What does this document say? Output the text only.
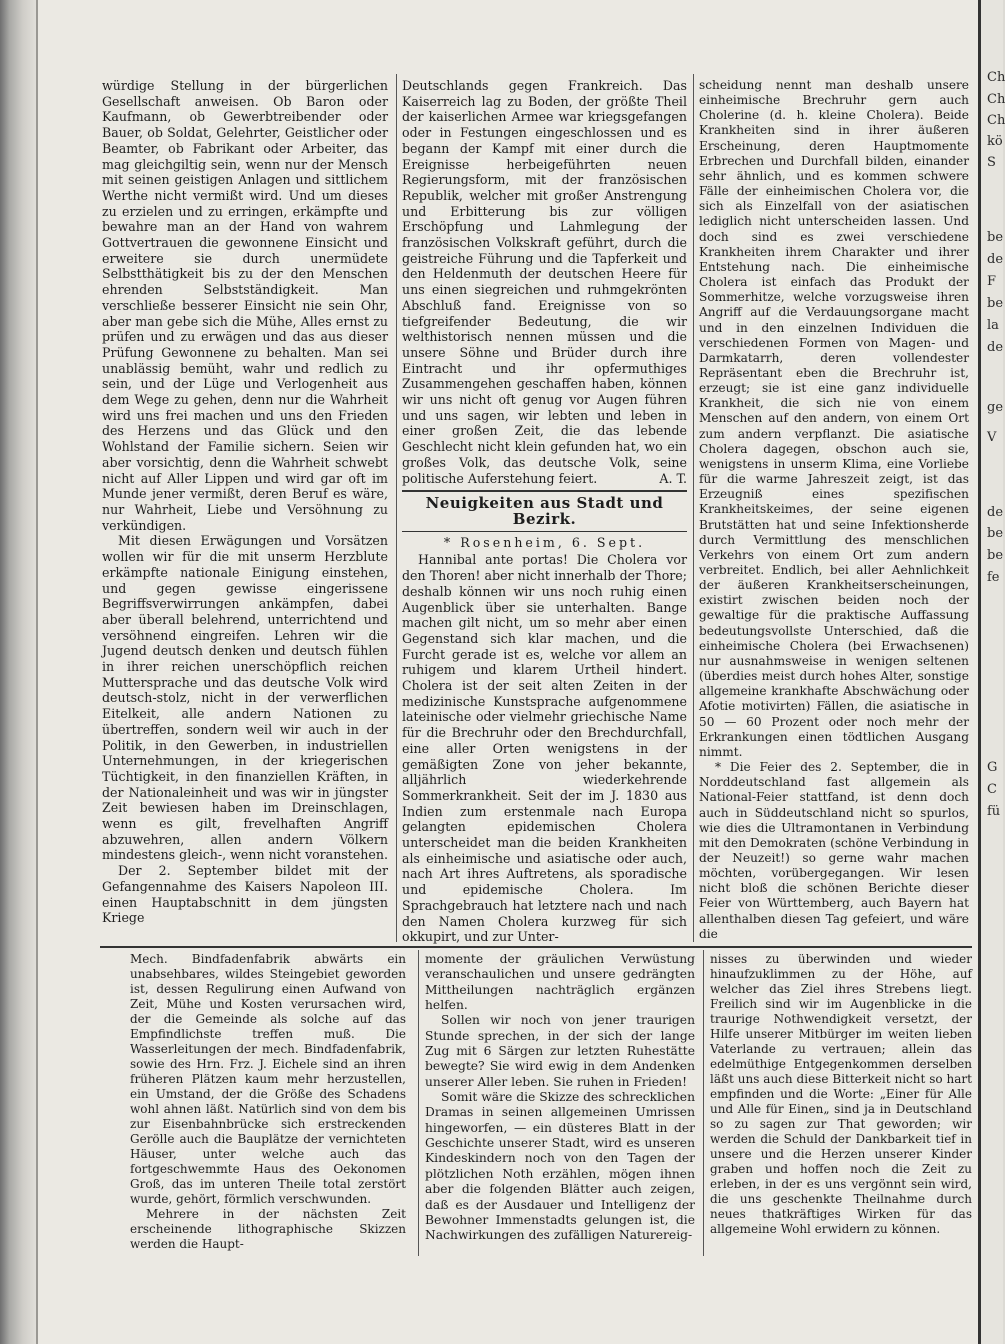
würdige Stellung in der bürgerlichen Gesellschaft anweisen. Ob Baron oder Kaufmann, ob Gewerbtreibender oder Bauer, ob Soldat, Gelehrter, Geistlicher oder Beamter, ob Fabrikant oder Arbeiter, das mag gleichgiltig sein, wenn nur der Mensch mit seinen geistigen Anlagen und sittlichem Werthe nicht vermißt wird. Und um dieses zu erzielen und zu erringen, erkämpfte und bewahre man an der Hand von wahrem Gottvertrauen die gewonnene Einsicht und erweitere sie durch unermüdete Selbstthätigkeit bis zu der den Menschen ehrenden Selbstständigkeit. Man verschließe besserer Einsicht nie sein Ohr, aber man gebe sich die Mühe, Alles ernst zu prüfen und zu erwägen und das aus dieser Prüfung Gewonnene zu behalten. Man sei unablässig bemüht, wahr und redlich zu sein, und der Lüge und Verlogenheit aus dem Wege zu gehen, denn nur die Wahrheit wird uns frei machen und uns den Frieden des Herzens und das Glück und den Wohlstand der Familie sichern. Seien wir aber vorsichtig, denn die Wahrheit schwebt nicht auf Aller Lippen und wird gar oft im Munde jener vermißt, deren Beruf es wäre, nur Wahrheit, Liebe und Versöhnung zu verkündigen.

Mit diesen Erwägungen und Vorsätzen wollen wir für die mit unserm Herzblute erkämpfte nationale Einigung einstehen, und gegen gewisse eingerissene Begriffsverwirrungen ankämpfen, dabei aber überall belehrend, unterrichtend und versöhnend eingreifen. Lehren wir die Jugend deutsch denken und deutsch fühlen in ihrer reichen unerschöpflich reichen Muttersprache und das deutsche Volk wird deutsch-stolz, nicht in der verwerflichen Eitelkeit, alle andern Nationen zu übertreffen, sondern weil wir auch in der Politik, in den Gewerben, in industriellen Unternehmungen, in der kriegerischen Tüchtigkeit, in den finanziellen Kräften, in der Nationaleinheit und was wir in jüngster Zeit bewiesen haben im Dreinschlagen, wenn es gilt, frevelhaften Angriff abzuwehren, allen andern Völkern mindestens gleich-, wenn nicht voranstehen.

Der 2. September bildet mit der Gefangennahme des Kaisers Napoleon III. einen Hauptabschnitt in dem jüngsten Kriege

Deutschlands gegen Frankreich. Das Kaiserreich lag zu Boden, der größte Theil der kaiserlichen Armee war kriegsgefangen oder in Festungen eingeschlossen und es begann der Kampf mit einer durch die Ereignisse herbeigeführten neuen Regierungsform, mit der französischen Republik, welcher mit großer Anstrengung und Erbitterung bis zur völligen Erschöpfung und Lahmlegung der französischen Volkskraft geführt, durch die geistreiche Führung und die Tapferkeit und den Heldenmuth der deutschen Heere für uns einen siegreichen und ruhmgekrönten Abschluß fand. Ereignisse von so tiefgreifender Bedeutung, die wir welthistorisch nennen müssen und die unsere Söhne und Brüder durch ihre Eintracht und ihr opfermuthiges Zusammengehen geschaffen haben, können wir uns nicht oft genug vor Augen führen und uns sagen, wir lebten und leben in einer großen Zeit, die das lebende Geschlecht nicht klein gefunden hat, wo ein großes Volk, das deutsche Volk, seine politische Auferstehung feiert.	A. T.

Neuigkeiten aus Stadt und Bezirk.
* Rosenheim, 6. Sept.

Hannibal ante portas! Die Cholera vor den Thoren! aber nicht innerhalb der Thore; deshalb können wir uns noch ruhig einen Augenblick über sie unterhalten. Bange machen gilt nicht, um so mehr aber einen Gegenstand sich klar machen, und die Furcht gerade ist es, welche vor allem an ruhigem und klarem Urtheil hindert. Cholera ist der seit alten Zeiten in der medizinische Kunstsprache aufgenommene lateinische oder vielmehr griechische Name für die Brechruhr oder den Brechdurchfall, eine aller Orten wenigstens in der gemäßigten Zone von jeher bekannte, alljährlich wiederkehrende Sommerkrankheit. Seit der im J. 1830 aus Indien zum erstenmale nach Europa gelangten epidemischen Cholera unterscheidet man die beiden Krankheiten als einheimische und asiatische oder auch, nach Art ihres Auftretens, als sporadische und epidemische Cholera. Im Sprachgebrauch hat letztere nach und nach den Namen Cholera kurzweg für sich okkupirt, und zur Unter-

scheidung nennt man deshalb unsere einheimische Brechruhr gern auch Cholerine (d. h. kleine Cholera). Beide Krankheiten sind in ihrer äußeren Erscheinung, deren Hauptmomente Erbrechen und Durchfall bilden, einander sehr ähnlich, und es kommen schwere Fälle der einheimischen Cholera vor, die sich als Einzelfall von der asiatischen lediglich nicht unterscheiden lassen. Und doch sind es zwei verschiedene Krankheiten ihrem Charakter und ihrer Entstehung nach. Die einheimische Cholera ist einfach das Produkt der Sommerhitze, welche vorzugsweise ihren Angriff auf die Verdauungsorgane macht und in den einzelnen Individuen die verschiedenen Formen von Magen- und Darmkatarrh, deren vollendester Repräsentant eben die Brechruhr ist, erzeugt; sie ist eine ganz individuelle Krankheit, die sich nie von einem Menschen auf den andern, von einem Ort zum andern verpflanzt. Die asiatische Cholera dagegen, obschon auch sie, wenigstens in unserm Klima, eine Vorliebe für die warme Jahreszeit zeigt, ist das Erzeugniß eines spezifischen Krankheitskeimes, der seine eigenen Brutstätten hat und seine Infektionsherde durch Vermittlung des menschlichen Verkehrs von einem Ort zum andern verbreitet. Endlich, bei aller Aehnlichkeit der äußeren Krankheitserscheinungen, existirt zwischen beiden noch der gewaltige für die praktische Auffassung bedeutungsvollste Unterschied, daß die einheimische Cholera (bei Erwachsenen) nur ausnahmsweise in wenigen seltenen (überdies meist durch hohes Alter, sonstige allgemeine krankhafte Abschwächung oder Afotie motivirten) Fällen, die asiatische in 50 — 60 Prozent oder noch mehr der Erkrankungen einen tödtlichen Ausgang nimmt.

* Die Feier des 2. September, die in Norddeutschland fast allgemein als National-Feier stattfand, ist denn doch auch in Süddeutschland nicht so spurlos, wie dies die Ultramontanen in Verbindung mit den Demokraten (schöne Verbindung in der Neuzeit!) so gerne wahr machen möchten, vorübergegangen. Wir lesen nicht bloß die schönen Berichte dieser Feier von Württemberg, auch Bayern hat allenthalben diesen Tag gefeiert, und wäre die

Mech. Bindfadenfabrik abwärts ein unabsehbares, wildes Steingebiet geworden ist, dessen Regulirung einen Aufwand von Zeit, Mühe und Kosten verursachen wird, der die Gemeinde als solche auf das Empfindlichste treffen muß. Die Wasserleitungen der mech. Bindfadenfabrik, sowie des Hrn. Frz. J. Eichele sind an ihren früheren Plätzen kaum mehr herzustellen, ein Umstand, der die Größe des Schadens wohl ahnen läßt. Natürlich sind von dem bis zur Eisenbahnbrücke sich erstreckenden Gerölle auch die Bauplätze der vernichteten Häuser, unter welche auch das fortgeschwemmte Haus des Oekonomen Groß, das im unteren Theile total zerstört wurde, gehört, förmlich verschwunden.

Mehrere in der nächsten Zeit erscheinende lithographische Skizzen werden die Haupt-

momente der gräulichen Verwüstung veranschaulichen und unsere gedrängten Mittheilungen nachträglich ergänzen helfen.

Sollen wir noch von jener traurigen Stunde sprechen, in der sich der lange Zug mit 6 Särgen zur letzten Ruhestätte bewegte? Sie wird ewig in dem Andenken unserer Aller leben. Sie ruhen in Frieden!

Somit wäre die Skizze des schrecklichen Dramas in seinen allgemeinen Umrissen hingeworfen, — ein düsteres Blatt in der Geschichte unserer Stadt, wird es unseren Kindeskindern noch von den Tagen der plötzlichen Noth erzählen, mögen ihnen aber die folgenden Blätter auch zeigen, daß es der Ausdauer und Intelligenz der Bewohner Immenstadts gelungen ist, die Nachwirkungen des zufälligen Naturereig-

nisses zu überwinden und wieder hinaufzuklimmen zu der Höhe, auf welcher das Ziel ihres Strebens liegt. Freilich sind wir im Augenblicke in die traurige Nothwendigkeit versetzt, der Hilfe unserer Mitbürger im weiten lieben Vaterlande zu vertrauen; allein das edelmüthige Entgegenkommen derselben läßt uns auch diese Bitterkeit nicht so hart empfinden und die Worte: „Einer für Alle und Alle für Einen„ sind ja in Deutschland so zu sagen zur That geworden; wir werden die Schuld der Dankbarkeit tief in unsere und die Herzen unserer Kinder graben und hoffen noch die Zeit zu erleben, in der es uns vergönnt sein wird, die uns geschenkte Theilnahme durch neues thatkräftiges Wirken für das allgemeine Wohl erwidern zu können.

Ch
Ch
Ch
kö
S
be
de
F
be
la
de
ge
V
de
be
be
fe
G
C
fü
